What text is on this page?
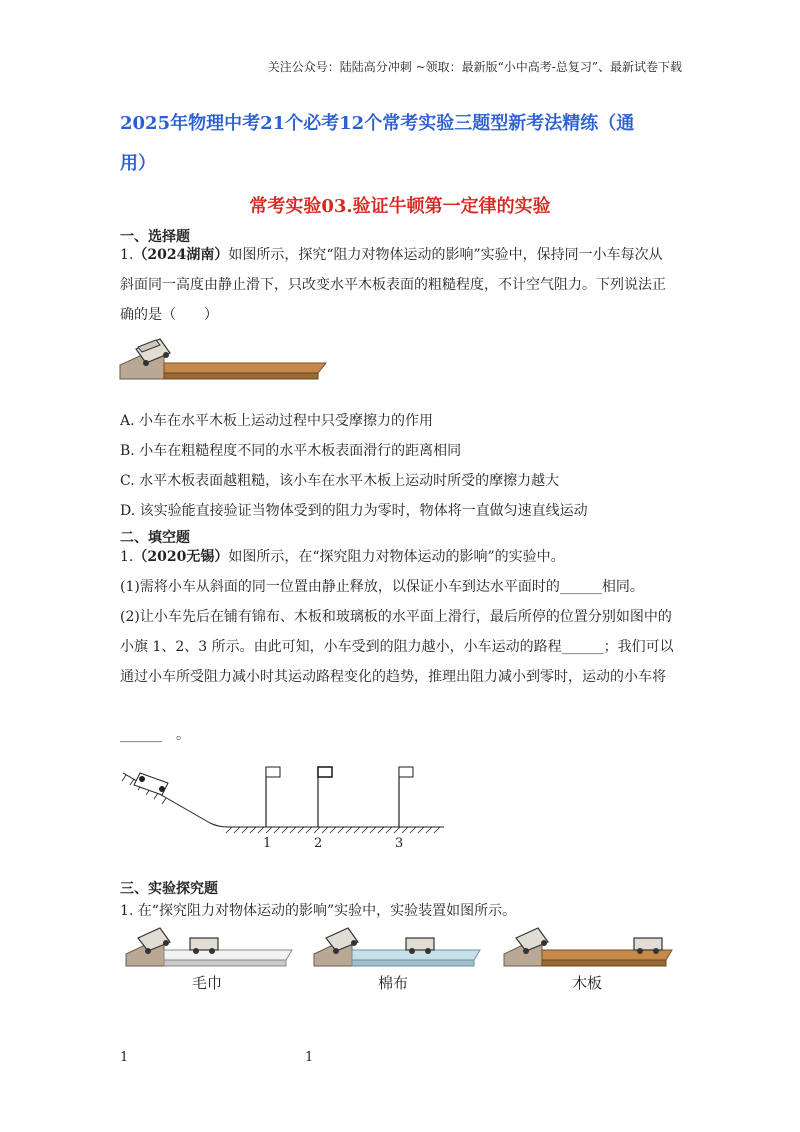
关注公众号：陆陆高分冲刺 ~领取：最新版“小中高考-总复习”、最新试卷下载
2025年物理中考21个必考12个常考实验三题型新考法精练（通
用）
常考实验03.验证牛顿第一定律的实验
一、选择题
1.（2024湖南）如图所示，探究“阻力对物体运动的影响”实验中，保持同一小车每次从
斜面同一高度由静止滑下，只改变水平木板表面的粗糙程度，不计空气阻力。下列说法正
确的是（　　）
A. 小车在水平木板上运动过程中只受摩擦力的作用
B. 小车在粗糙程度不同的水平木板表面滑行的距离相同
C. 水平木板表面越粗糙，该小车在水平木板上运动时所受的摩擦力越大
D. 该实验能直接验证当物体受到的阻力为零时，物体将一直做匀速直线运动
二、填空题
1.（2020无锡）如图所示，在“探究阻力对物体运动的影响”的实验中。
(1)需将小车从斜面的同一位置由静止释放，以保证小车到达水平面时的______相同。
(2)让小车先后在铺有锦布、木板和玻璃板的水平面上滑行，最后所停的位置分别如图中的
小旗 1、2、3 所示。由此可知，小车受到的阻力越小，小车运动的路程______；我们可以
通过小车所受阻力减小时其运动路程变化的趋势，推理出阻力减小到零时，运动的小车将
______　。
1	2	3
三、实验探究题
1. 在“探究阻力对物体运动的影响”实验中，实验装置如图所示。
毛巾	棉布	木板
1	1
